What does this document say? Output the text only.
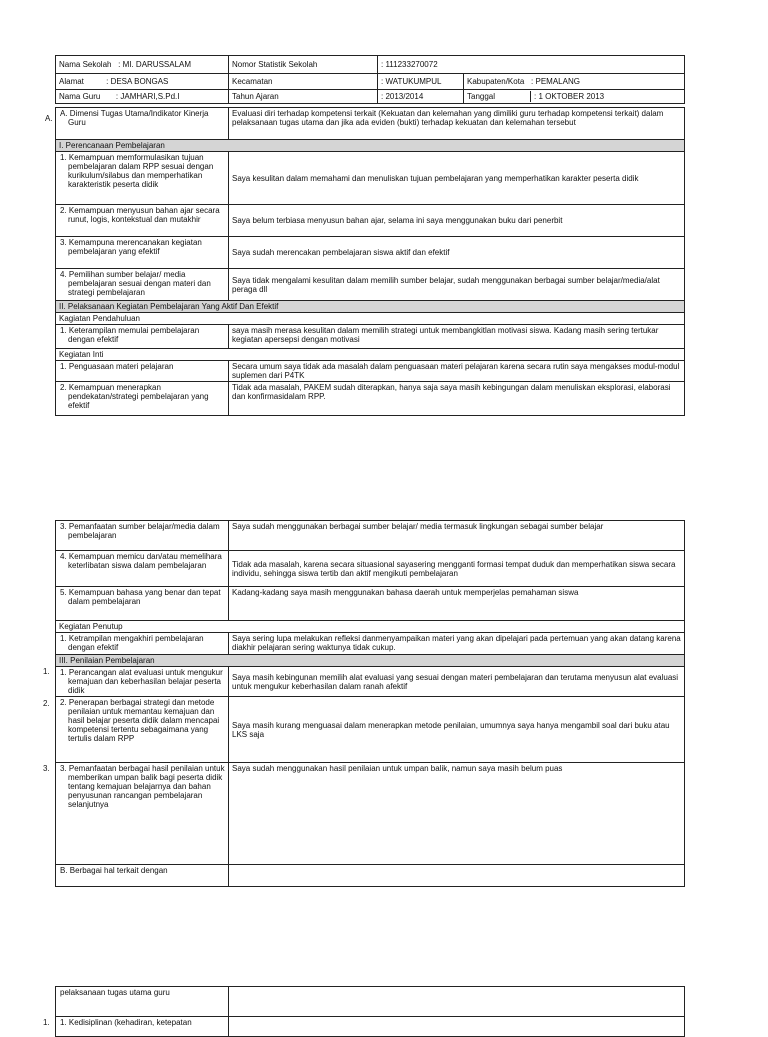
Nama Sekolah   : MI. DARUSSALAM	Nomor Statistik Sekolah	: 111233270072	
Alamat          : DESA BONGAS	Kecamatan	: WATUKUMPUL	Kabupaten/Kota   : PEMALANG
Nama Guru       : JAMHARI,S.Pd.I	Tahun Ajaran	: 2013/2014	Tanggal : 1 OKTOBER 2013
A.
A. Dimensi Tugas Utama/Indikator Kinerja Guru	Evaluasi diri terhadap kompetensi terkait (Kekuatan dan kelemahan yang dimiliki guru terhadap kompetensi terkait) dalam pelaksanaan tugas utama dan jika ada eviden (bukti) terhadap kekuatan dan kelemahan tersebut
I. Perencanaan Pembelajaran	
1. Kemampuan memformulasikan tujuan pembelajaran dalam RPP sesuai dengan kurikulum/silabus dan memperhatikan karakteristik peserta didik	Saya kesulitan dalam memahami dan menuliskan tujuan pembelajaran yang memperhatikan karakter peserta didik
2. Kemampuan menyusun bahan ajar secara runut, logis, kontekstual dan mutakhir	Saya belum terbiasa menyusun bahan ajar, selama ini saya menggunakan buku dari penerbit
3. Kemampuna merencanakan kegiatan pembelajaran yang efektif	Saya sudah merencakan pembelajaran siswa aktif dan efektif
4. Pemilihan sumber belajar/ media pembelajaran sesuai dengan materi dan strategi pembelajaran	Saya tidak mengalami kesulitan dalam memilih sumber belajar, sudah menggunakan berbagai sumber belajar/media/alat peraga dll
II. Pelaksanaan Kegiatan Pembelajaran Yang Aktif Dan Efektif	
Kagiatan Pendahuluan	
1. Keterampilan memulai pembelajaran dengan efektif	saya masih merasa kesulitan dalam memilih strategi untuk membangkitlan motivasi siswa. Kadang masih sering tertukar kegiatan apersepsi dengan motivasi
Kegiatan Inti	
1. Penguasaan materi pelajaran	Secara umum saya tidak ada masalah dalam penguasaan materi pelajaran karena secara rutin saya mengakses modul-modul suplemen dari P4TK
2. Kemampuan menerapkan pendekatan/strategi pembelajaran yang efektif	Tidak ada masalah, PAKEM sudah diterapkan, hanya saja saya masih kebingungan dalam menuliskan eksplorasi, elaborasi dan konfirmasidalam RPP.
1.
2.
3.
3. Pemanfaatan sumber belajar/media dalam pembelajaran	Saya sudah menggunakan berbagai sumber belajar/ media termasuk lingkungan sebagai sumber belajar
4. Kemampuan memicu dan/atau memelihara keterlibatan siswa dalam pembelajaran	Tidak ada masalah, karena secara situasional sayasering mengganti formasi tempat duduk dan memperhatikan siswa secara individu, sehingga siswa tertib dan aktif mengikuti pembelajaran
5. Kemampuan bahasa yang benar dan tepat dalam pembelajaran	Kadang-kadang saya masih menggunakan bahasa daerah untuk memperjelas pemahaman siswa
Kegiatan Penutup	
1. Ketrampilan mengakhiri pembelajaran dengan efektif	Saya sering lupa melakukan refleksi danmenyampaikan materi yang akan dipelajari pada pertemuan yang akan datang karena diakhir pelajaran sering waktunya tidak cukup.
III. Penilaian Pembelajaran	
1. Perancangan alat evaluasi untuk mengukur kemajuan dan keberhasilan belajar peserta didik	Saya masih kebingunan memilih alat evaluasi yang sesuai dengan materi pembelajaran dan terutama menyusun alat evaluasi untuk mengukur keberhasilan dalam ranah afektif
2. Penerapan berbagai strategi dan metode penilaian untuk memantau kemajuan dan hasil belajar peserta didik dalam mencapai kompetensi tertentu sebagaimana yang tertulis dalam RPP	Saya masih kurang menguasai dalam menerapkan metode penilaian, umumnya saya hanya mengambil soal dari buku atau LKS saja
3. Pemanfaatan berbagai hasil penilaian untuk memberikan umpan balik bagi peserta didik tentang kemajuan belajarnya dan bahan penyusunan rancangan pembelajaran selanjutnya	Saya sudah menggunakan hasil penilaian untuk umpan balik, namun saya masih belum puas
B. Berbagai hal terkait dengan	
1.
pelaksanaan tugas utama guru	
1. Kedisiplinan (kehadiran, ketepatan	
